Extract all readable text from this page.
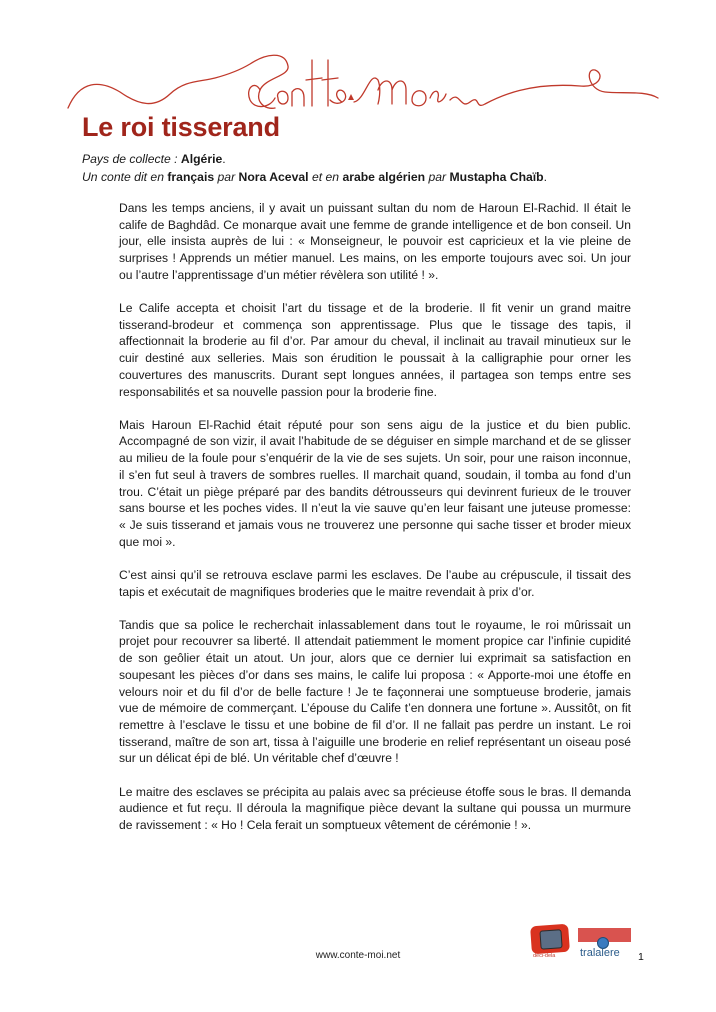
Le roi tisserand
Pays de collecte : Algérie.
Un conte dit en français par Nora Aceval et en arabe algérien par Mustapha Chaïb.

Dans les temps anciens, il y avait un puissant sultan du nom de Haroun El-Rachid. Il était le calife de Baghdâd. Ce monarque avait une femme de grande intelligence et de bon conseil. Un jour, elle insista auprès de lui : « Monseigneur, le pouvoir est capricieux et la vie pleine de surprises ! Apprends un métier manuel. Les mains, on les emporte toujours avec soi. Un jour ou l’autre l’apprentissage d’un métier révèlera son utilité ! ».

Le Calife accepta et choisit l’art du tissage et de la broderie. Il fit venir un grand maitre tisserand-brodeur et commença son apprentissage. Plus que le tissage des tapis, il affectionnait la broderie au fil d’or. Par amour du cheval, il inclinait au travail minutieux sur le cuir destiné aux selleries. Mais son érudition le poussait à la calligraphie pour orner les couvertures des manuscrits. Durant sept longues années, il partagea son temps entre ses responsabilités et sa nouvelle passion pour la broderie fine.

Mais Haroun El-Rachid était réputé pour son sens aigu de la justice et du bien public. Accompagné de son vizir, il avait l’habitude de se déguiser en simple marchand et de se glisser au milieu de la foule pour s’enquérir de la vie de ses sujets. Un soir, pour une raison inconnue, il s’en fut seul à travers de sombres ruelles. Il marchait quand, soudain, il tomba au fond d’un trou. C’était un piège préparé par des bandits détrousseurs qui devinrent furieux de le trouver sans bourse et les poches vides. Il n’eut la vie sauve qu’en leur faisant une juteuse promesse: « Je suis tisserand et jamais vous ne trouverez une personne qui sache tisser et broder mieux que moi ».

C’est ainsi qu’il se retrouva esclave parmi les esclaves. De l’aube au crépuscule, il tissait des tapis et exécutait de magnifiques broderies que le maitre revendait à prix d’or.

Tandis que sa police le recherchait inlassablement dans tout le royaume, le roi mûrissait un projet pour recouvrer sa liberté. Il attendait patiemment le moment propice car l’infinie cupidité de son geôlier était un atout. Un jour, alors que ce dernier lui exprimait sa satisfaction en soupesant les pièces d’or dans ses mains, le calife lui proposa : « Apporte-moi une étoffe en velours noir et du fil d’or de belle facture ! Je te façonnerai une somptueuse broderie, jamais vue de mémoire de commerçant. L’épouse du Calife t’en donnera une fortune ». Aussitôt, on fit remettre à l’esclave le tissu et une bobine de fil d’or. Il ne fallait pas perdre un instant. Le roi tisserand, maître de son art, tissa à l’aiguille une broderie en relief représentant un oiseau posé sur un délicat épi de blé. Un véritable chef d’œuvre !

Le maitre des esclaves se précipita au palais avec sa précieuse étoffe sous le bras. Il demanda audience et fut reçu. Il déroula la magnifique pièce devant la sultane qui poussa un murmure de ravissement : « Ho ! Cela ferait un somptueux vêtement de cérémonie ! ».

www.conte-moi.net	deci-dela tralalere 1
